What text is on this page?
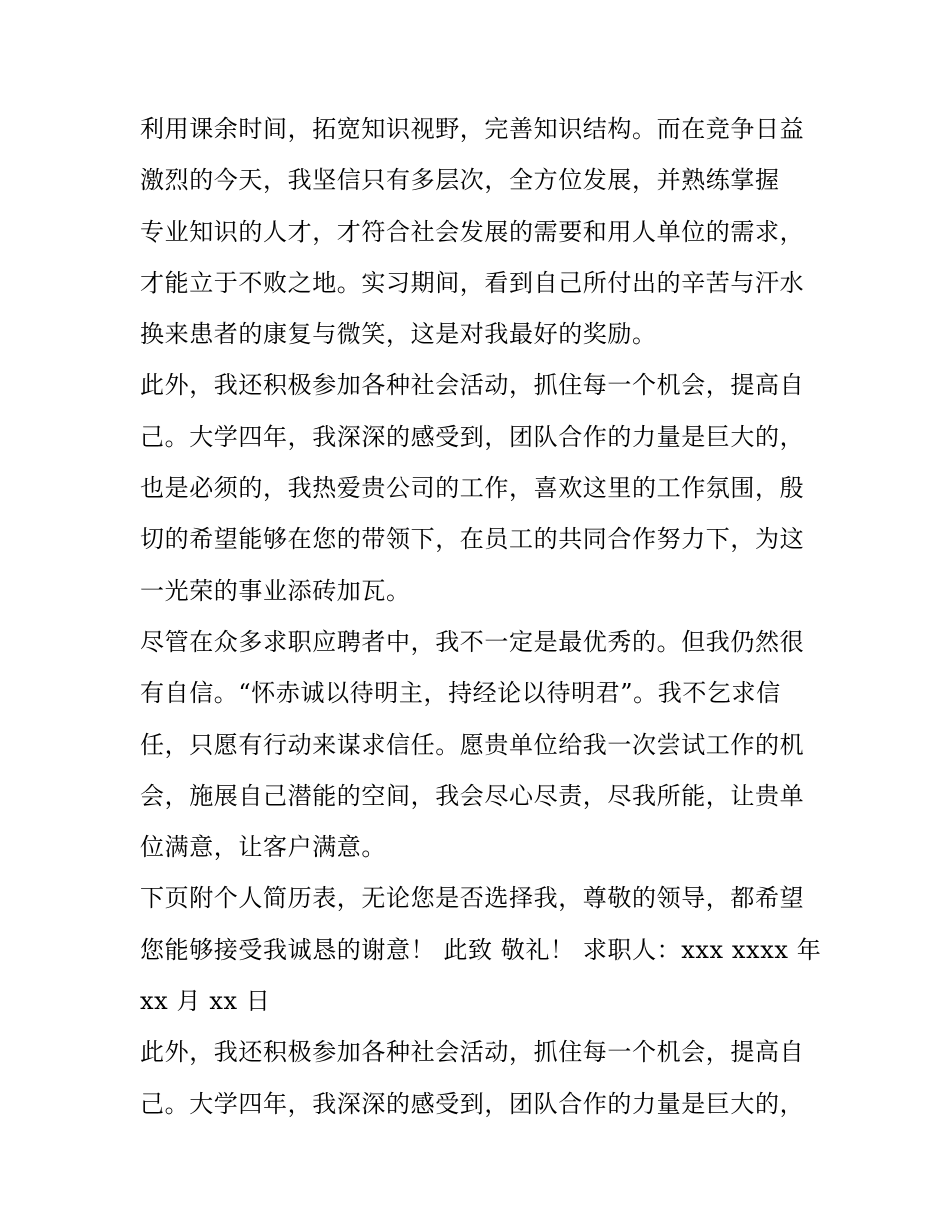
利用课余时间，拓宽知识视野，完善知识结构。而在竞争日益
激烈的今天，我坚信只有多层次，全方位发展，并熟练掌握
专业知识的人才，才符合社会发展的需要和用人单位的需求，
才能立于不败之地。实习期间，看到自己所付出的辛苦与汗水
换来患者的康复与微笑，这是对我最好的奖励。
此外，我还积极参加各种社会活动，抓住每一个机会，提高自
己。大学四年，我深深的感受到，团队合作的力量是巨大的，
也是必须的，我热爱贵公司的工作，喜欢这里的工作氛围，殷
切的希望能够在您的带领下，在员工的共同合作努力下，为这
一光荣的事业添砖加瓦。
尽管在众多求职应聘者中，我不一定是最优秀的。但我仍然很
有自信。“怀赤诚以待明主，持经论以待明君”。我不乞求信
任，只愿有行动来谋求信任。愿贵单位给我一次尝试工作的机
会，施展自己潜能的空间，我会尽心尽责，尽我所能，让贵单
位满意，让客户满意。
下页附个人简历表，无论您是否选择我，尊敬的领导，都希望
您能够接受我诚恳的谢意！ 此致 敬礼！ 求职人：xxx xxxx 年
xx 月 xx 日
此外，我还积极参加各种社会活动，抓住每一个机会，提高自
己。大学四年，我深深的感受到，团队合作的力量是巨大的，
